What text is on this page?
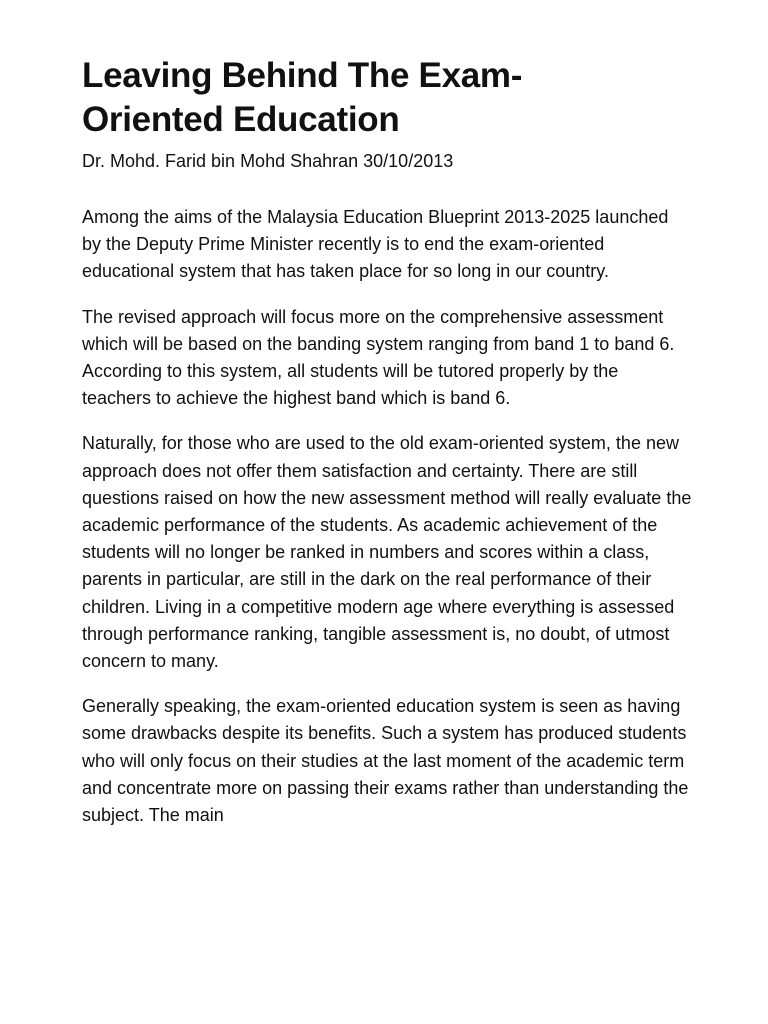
Leaving Behind The Exam-
Oriented Education

Dr. Mohd. Farid bin Mohd Shahran 30/10/2013

Among the aims of the Malaysia Education Blueprint 2013-2025 launched by the Deputy Prime Minister recently is to end the exam-oriented educational system that has taken place for so long in our country.

The revised approach will focus more on the comprehensive assessment which will be based on the banding system ranging from band 1 to band 6. According to this system, all students will be tutored properly by the teachers to achieve the highest band which is band 6.

Naturally, for those who are used to the old exam-oriented system, the new approach does not offer them satisfaction and certainty. There are still questions raised on how the new assessment method will really evaluate the academic performance of the students. As academic achievement of the students will no longer be ranked in numbers and scores within a class, parents in particular, are still in the dark on the real performance of their children. Living in a competitive modern age where everything is assessed through performance ranking, tangible assessment is, no doubt, of utmost concern to many.

Generally speaking, the exam-oriented education system is seen as having some drawbacks despite its benefits. Such a system has produced students who will only focus on their studies at the last moment of the academic term and concentrate more on passing their exams rather than understanding the subject. The main
